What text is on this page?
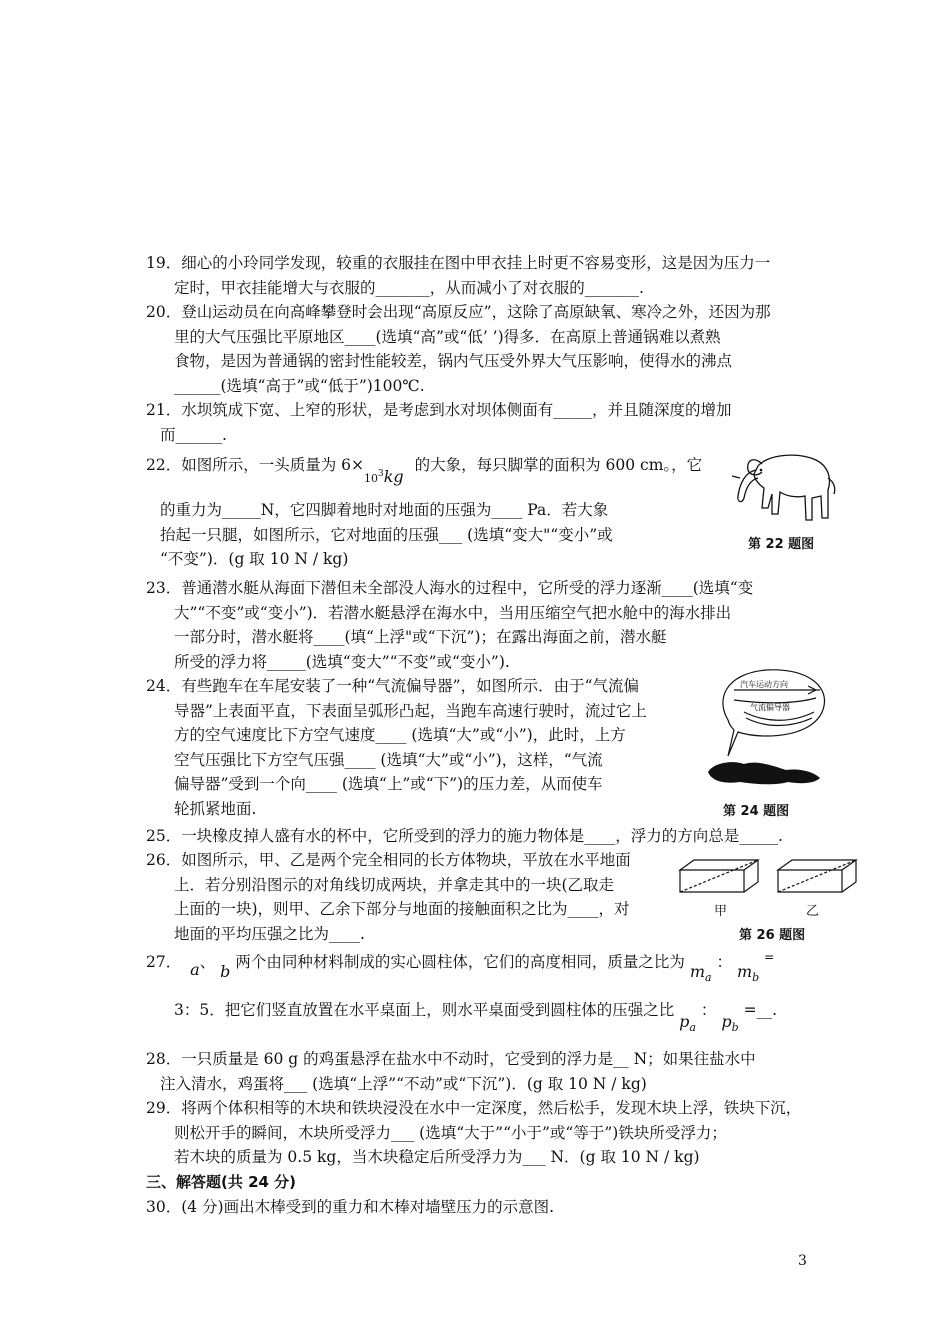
19．细心的小玲同学发现，较重的衣服挂在图中甲衣挂上时更不容易变形，这是因为压力一
定时，甲衣挂能增大与衣服的_______，从而减小了对衣服的_______.
20．登山运动员在向高峰攀登时会出现“高原反应”，这除了高原缺氧、寒冷之外，还因为那
里的大气压强比平原地区____(选填“高”或“低’ ’)得多．在高原上普通锅难以煮熟
食物，是因为普通锅的密封性能较差，锅内气压受外界大气压影响，使得水的沸点
______(选填“高于”或“低于”)100℃.
21．水坝筑成下宽、上窄的形状，是考虑到水对坝体侧面有_____，并且随深度的增加
而______.
22．如图所示，一头质量为 $6\times 10^3kg$ 的大象，每只脚掌的面积为 600 cm。，它
的重力为_____N，它四脚着地时对地面的压强为____ Pa．若大象
抬起一只腿，如图所示，它对地面的压强___ (选填“变大"“变小”或
“不变”)．(g 取 10 N / kg)
第 22 题图
23．普通潜水艇从海面下潜但未全部没人海水的过程中，它所受的浮力逐渐____(选填“变
大”“不变”或“变小”)．若潜水艇悬浮在海水中，当用压缩空气把水舱中的海水排出
一部分时，潜水艇将____(填“上浮"或“下沉”)；在露出海面之前，潜水艇
所受的浮力将_____(选填“变大”“不变”或“变小”).
24．有些跑车在车尾安装了一种“气流偏导器”，如图所示．由于“气流偏
导器”上表面平直，下表面呈弧形凸起，当跑车高速行驶时，流过它上
方的空气速度比下方空气速度____ (选填“大”或“小”)，此时，上方
空气压强比下方空气压强____ (选填“大”或“小”)，这样，“气流
偏导器”受到一个向____ (选填“上”或“下”)的压力差，从而使车
轮抓紧地面.
汽车运动方向
气流偏导器
第 24 题图
25．一块橡皮掉人盛有水的杯中，它所受到的浮力的施力物体是____，浮力的方向总是_____.
26．如图所示，甲、乙是两个完全相同的长方体物块，平放在水平地面
上．若分别沿图示的对角线切成两块，并拿走其中的一块(乙取走
上面的一块)，则甲、乙余下部分与地面的接触面积之比为____，对
地面的平均压强之比为____.
甲	乙
第 26 题图
27． a、 b 两个由同种材料制成的实心圆柱体，它们的高度相同，质量之比为 $m_a$ ： $m_b$ =
3：5．把它们竖直放置在水平桌面上，则水平桌面受到圆柱体的压强之比 $p_a$ ： $p_b$ =__.
28．一只质量是 60 g 的鸡蛋悬浮在盐水中不动时，它受到的浮力是__ N；如果往盐水中
注入清水，鸡蛋将___ (选填“上浮”“不动”或“下沉”)．(g 取 10 N / kg)
29．将两个体积相等的木块和铁块浸没在水中一定深度，然后松手，发现木块上浮，铁块下沉，
则松开手的瞬间，木块所受浮力___ (选填“大于”“小于”或“等于”)铁块所受浮力；
若木块的质量为 0.5 kg，当木块稳定后所受浮力为___ N．(g 取 10 N / kg)
三、解答题(共 24 分)
30．(4 分)画出木棒受到的重力和木棒对墙壁压力的示意图.
3
